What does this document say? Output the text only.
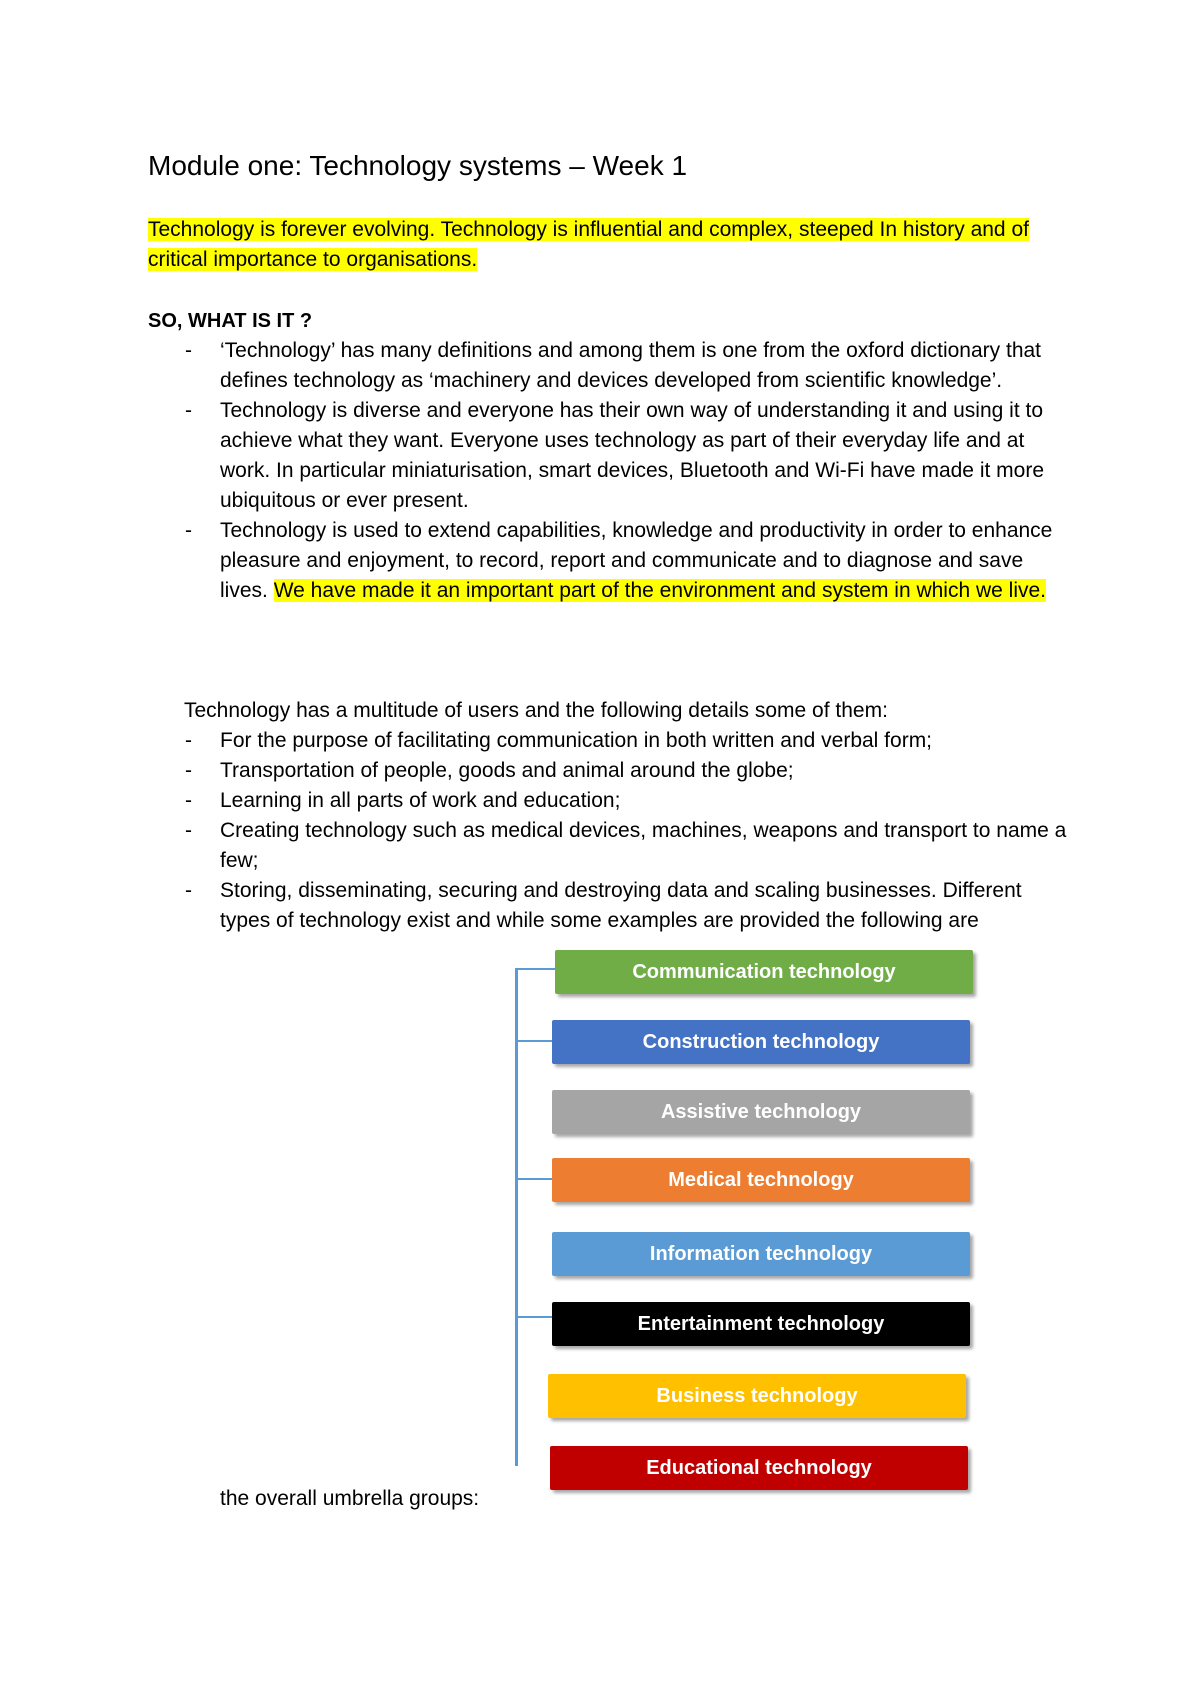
Module one: Technology systems – Week 1
Technology is forever evolving. Technology is influential and complex, steeped In history and of critical importance to organisations.
SO, WHAT IS IT ?
- ‘Technology’ has many definitions and among them is one from the oxford dictionary that defines technology as ‘machinery and devices developed from scientific knowledge’.
- Technology is diverse and everyone has their own way of understanding it and using it to achieve what they want. Everyone uses technology as part of their everyday life and at work. In particular miniaturisation, smart devices, Bluetooth and Wi-Fi have made it more ubiquitous or ever present.
- Technology is used to extend capabilities, knowledge and productivity in order to enhance pleasure and enjoyment, to record, report and communicate and to diagnose and save lives. We have made it an important part of the environment and system in which we live.
Technology has a multitude of users and the following details some of them:
- For the purpose of facilitating communication in both written and verbal form;
- Transportation of people, goods and animal around the globe;
- Learning in all parts of work and education;
- Creating technology such as medical devices, machines, weapons and transport to name a few;
- Storing, disseminating, securing and destroying data and scaling businesses. Different types of technology exist and while some examples are provided the following are
Communication technology
Construction technology
Assistive technology
Medical technology
Information technology
Entertainment technology
Business technology
Educational technology
the overall umbrella groups:
